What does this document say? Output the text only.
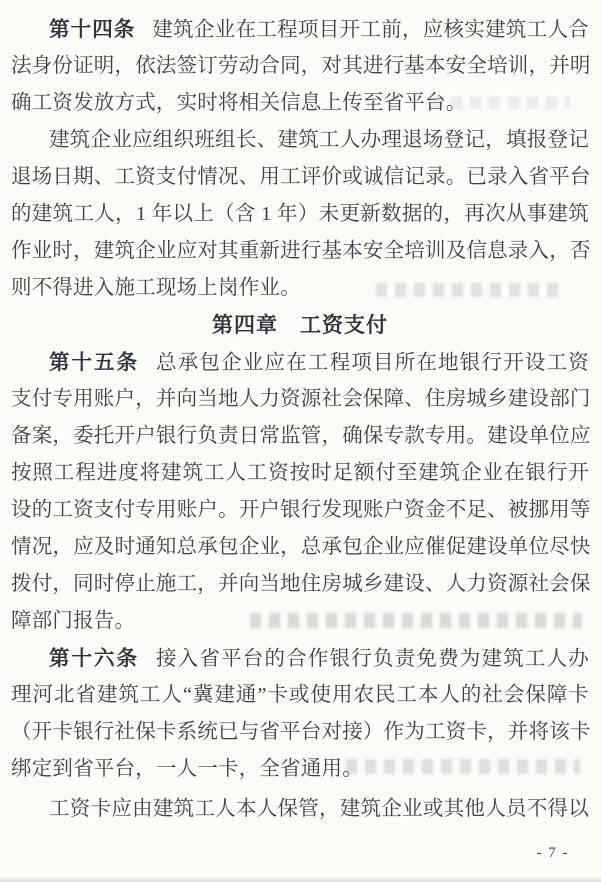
第十四条 建筑企业在工程项目开工前，应核实建筑工人合
法身份证明，依法签订劳动合同，对其进行基本安全培训，并明
确工资发放方式，实时将相关信息上传至省平台。
建筑企业应组织班组长、建筑工人办理退场登记，填报登记
退场日期、工资支付情况、用工评价或诚信记录。已录入省平台
的建筑工人，1 年以上（含 1 年）未更新数据的，再次从事建筑
作业时，建筑企业应对其重新进行基本安全培训及信息录入，否
则不得进入施工现场上岗作业。
第四章　工资支付
第十五条 总承包企业应在工程项目所在地银行开设工资
支付专用账户，并向当地人力资源社会保障、住房城乡建设部门
备案，委托开户银行负责日常监管，确保专款专用。建设单位应
按照工程进度将建筑工人工资按时足额付至建筑企业在银行开
设的工资支付专用账户。开户银行发现账户资金不足、被挪用等
情况，应及时通知总承包企业，总承包企业应催促建设单位尽快
拨付，同时停止施工，并向当地住房城乡建设、人力资源社会保
障部门报告。
第十六条 接入省平台的合作银行负责免费为建筑工人办
理河北省建筑工人“冀建通”卡或使用农民工本人的社会保障卡
（开卡银行社保卡系统已与省平台对接）作为工资卡，并将该卡
绑定到省平台，一人一卡，全省通用。
工资卡应由建筑工人本人保管，建筑企业或其他人员不得以
- 7 -
